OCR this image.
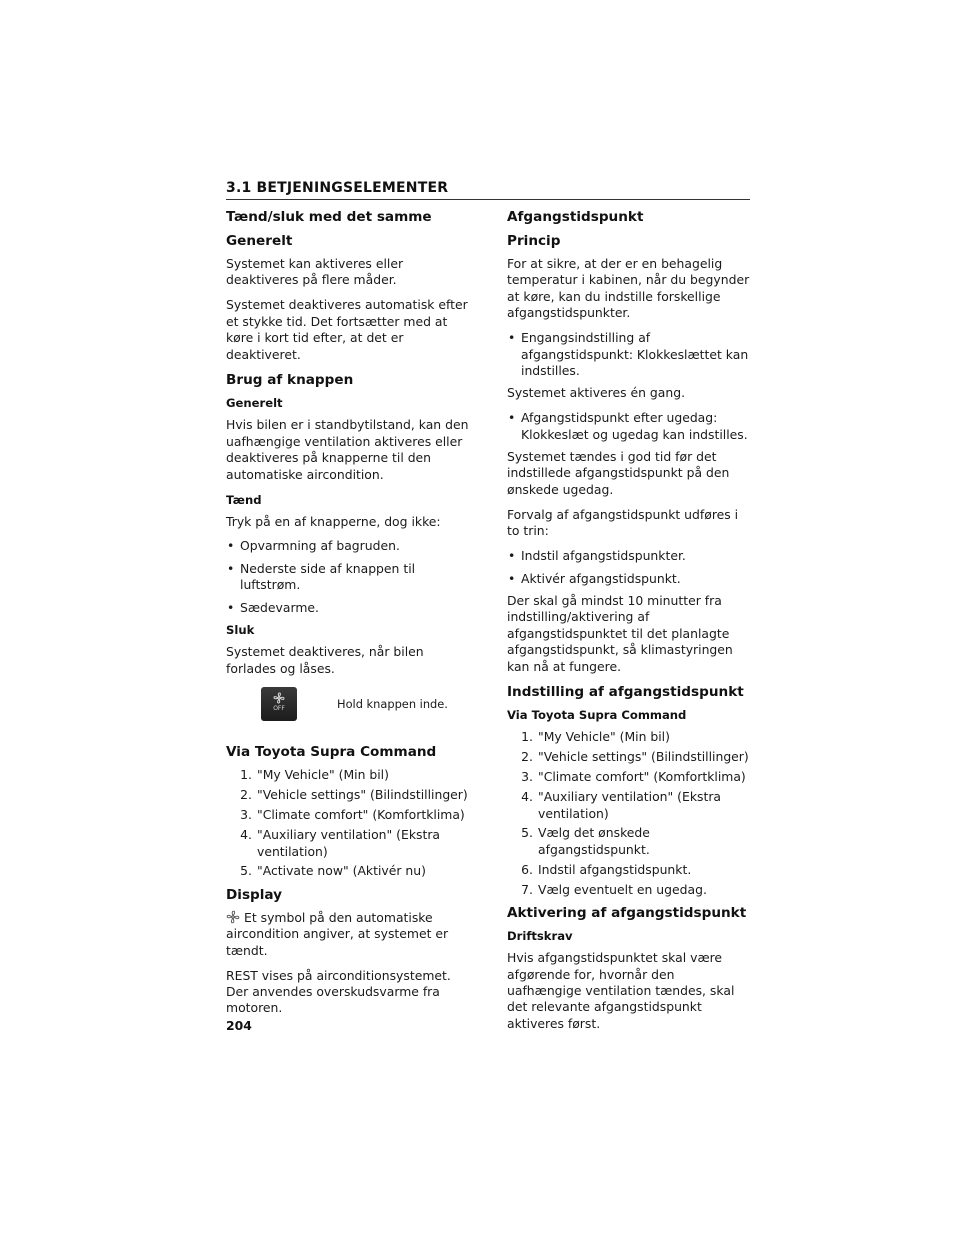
3.1 BETJENINGSELEMENTER
Tænd/sluk med det samme
Generelt

Systemet kan aktiveres eller deaktiveres på flere måder.

Systemet deaktiveres automatisk efter et stykke tid. Det fortsætter med at køre i kort tid efter, at det er deaktiveret.

Brug af knappen
Generelt

Hvis bilen er i standbytilstand, kan den uafhængige ventilation aktiveres eller deaktiveres på knapperne til den automatiske aircondition.

Tænd

Tryk på en af knapperne, dog ikke:

• Opvarmning af bagruden.
• Nederste side af knappen til luftstrøm.
• Sædevarme.
Sluk

Systemet deaktiveres, når bilen forlades og låses.

OFF	Hold knappen inde.
Via Toyota Supra Command
1. "My Vehicle" (Min bil)
2. "Vehicle settings" (Bilindstillinger)
3. "Climate comfort" (Komfortklima)
4. "Auxiliary ventilation" (Ekstra ventilation)
5. "Activate now" (Aktivér nu)
Display

Et symbol på den automatiske aircondition angiver, at systemet er tændt.

REST vises på airconditionsystemet. Der anvendes overskudsvarme fra motoren.

Afgangstidspunkt
Princip

For at sikre, at der er en behagelig temperatur i kabinen, når du begynder at køre, kan du indstille forskellige afgangstidspunkter.

• Engangsindstilling af afgangstidspunkt: Klokkeslættet kan indstilles.

Systemet aktiveres én gang.

• Afgangstidspunkt efter ugedag: Klokkeslæt og ugedag kan indstilles.

Systemet tændes i god tid før det indstillede afgangstidspunkt på den ønskede ugedag.

Forvalg af afgangstidspunkt udføres i to trin:

• Indstil afgangstidspunkter.
• Aktivér afgangstidspunkt.

Der skal gå mindst 10 minutter fra indstilling/aktivering af afgangstidspunktet til det planlagte afgangstidspunkt, så klimastyringen kan nå at fungere.

Indstilling af afgangstidspunkt
Via Toyota Supra Command
1. "My Vehicle" (Min bil)
2. "Vehicle settings" (Bilindstillinger)
3. "Climate comfort" (Komfortklima)
4. "Auxiliary ventilation" (Ekstra ventilation)
5. Vælg det ønskede afgangstidspunkt.
6. Indstil afgangstidspunkt.
7. Vælg eventuelt en ugedag.
Aktivering af afgangstidspunkt
Driftskrav

Hvis afgangstidspunktet skal være afgørende for, hvornår den uafhængige ventilation tændes, skal det relevante afgangstidspunkt aktiveres først.

204
